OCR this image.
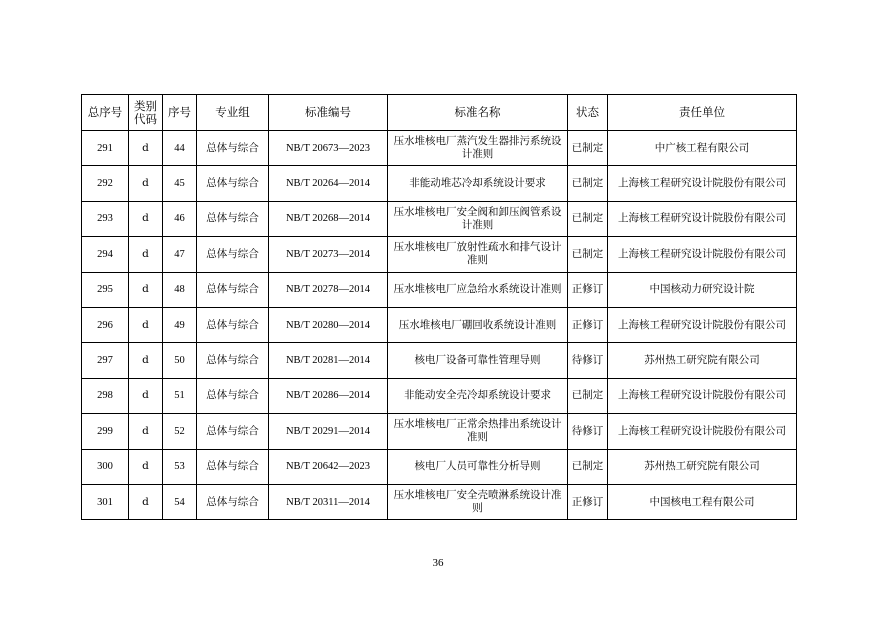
总序号	类别代码	序号	专业组	标准编号	标准名称	状态	责任单位
291	d	44	总体与综合	NB/T 20673—2023	压水堆核电厂蒸汽发生器排污系统设计准则	已制定	中广核工程有限公司
292	d	45	总体与综合	NB/T 20264—2014	非能动堆芯冷却系统设计要求	已制定	上海核工程研究设计院股份有限公司
293	d	46	总体与综合	NB/T 20268—2014	压水堆核电厂安全阀和卸压阀管系设计准则	已制定	上海核工程研究设计院股份有限公司
294	d	47	总体与综合	NB/T 20273—2014	压水堆核电厂放射性疏水和排气设计准则	已制定	上海核工程研究设计院股份有限公司
295	d	48	总体与综合	NB/T 20278—2014	压水堆核电厂应急给水系统设计准则	正修订	中国核动力研究设计院
296	d	49	总体与综合	NB/T 20280—2014	压水堆核电厂硼回收系统设计准则	正修订	上海核工程研究设计院股份有限公司
297	d	50	总体与综合	NB/T 20281—2014	核电厂设备可靠性管理导则	待修订	苏州热工研究院有限公司
298	d	51	总体与综合	NB/T 20286—2014	非能动安全壳冷却系统设计要求	已制定	上海核工程研究设计院股份有限公司
299	d	52	总体与综合	NB/T 20291—2014	压水堆核电厂正常余热排出系统设计准则	待修订	上海核工程研究设计院股份有限公司
300	d	53	总体与综合	NB/T 20642—2023	核电厂人员可靠性分析导则	已制定	苏州热工研究院有限公司
301	d	54	总体与综合	NB/T 20311—2014	压水堆核电厂安全壳喷淋系统设计准则	正修订	中国核电工程有限公司
36
